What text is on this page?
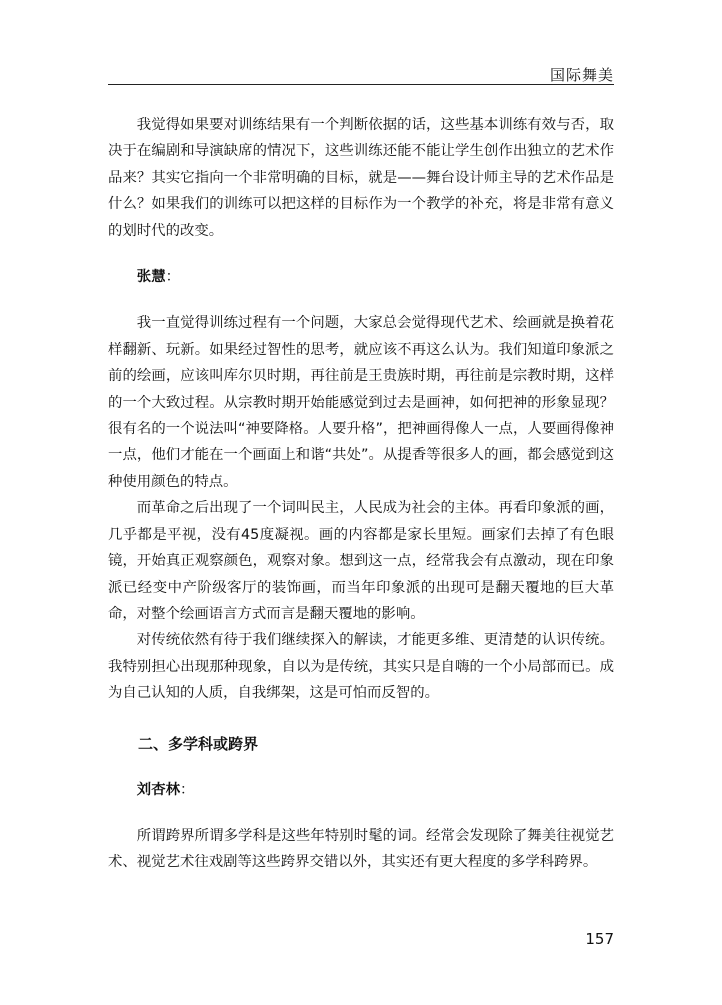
国际舞美

我觉得如果要对训练结果有一个判断依据的话，这些基本训练有效与否，取决于在编剧和导演缺席的情况下，这些训练还能不能让学生创作出独立的艺术作品来？其实它指向一个非常明确的目标，就是——舞台设计师主导的艺术作品是什么？如果我们的训练可以把这样的目标作为一个教学的补充，将是非常有意义的划时代的改变。

张慧：

我一直觉得训练过程有一个问题，大家总会觉得现代艺术、绘画就是换着花样翻新、玩新。如果经过智性的思考，就应该不再这么认为。我们知道印象派之前的绘画，应该叫库尔贝时期，再往前是王贵族时期，再往前是宗教时期，这样的一个大致过程。从宗教时期开始能感觉到过去是画神，如何把神的形象显现？很有名的一个说法叫“神要降格。人要升格”，把神画得像人一点，人要画得像神一点，他们才能在一个画面上和谐“共处”。从提香等很多人的画，都会感觉到这种使用颜色的特点。

而革命之后出现了一个词叫民主，人民成为社会的主体。再看印象派的画，几乎都是平视，没有45度凝视。画的内容都是家长里短。画家们去掉了有色眼镜，开始真正观察颜色，观察对象。想到这一点，经常我会有点激动，现在印象派已经变中产阶级客厅的装饰画，而当年印象派的出现可是翻天覆地的巨大革命，对整个绘画语言方式而言是翻天覆地的影响。

对传统依然有待于我们继续探入的解读，才能更多维、更清楚的认识传统。我特别担心出现那种现象，自以为是传统，其实只是自嗨的一个小局部而已。成为自己认知的人质，自我绑架，这是可怕而反智的。

二、多学科或跨界

刘杏林：

所谓跨界所谓多学科是这些年特别时髦的词。经常会发现除了舞美往视觉艺术、视觉艺术往戏剧等这些跨界交错以外，其实还有更大程度的多学科跨界。

157
